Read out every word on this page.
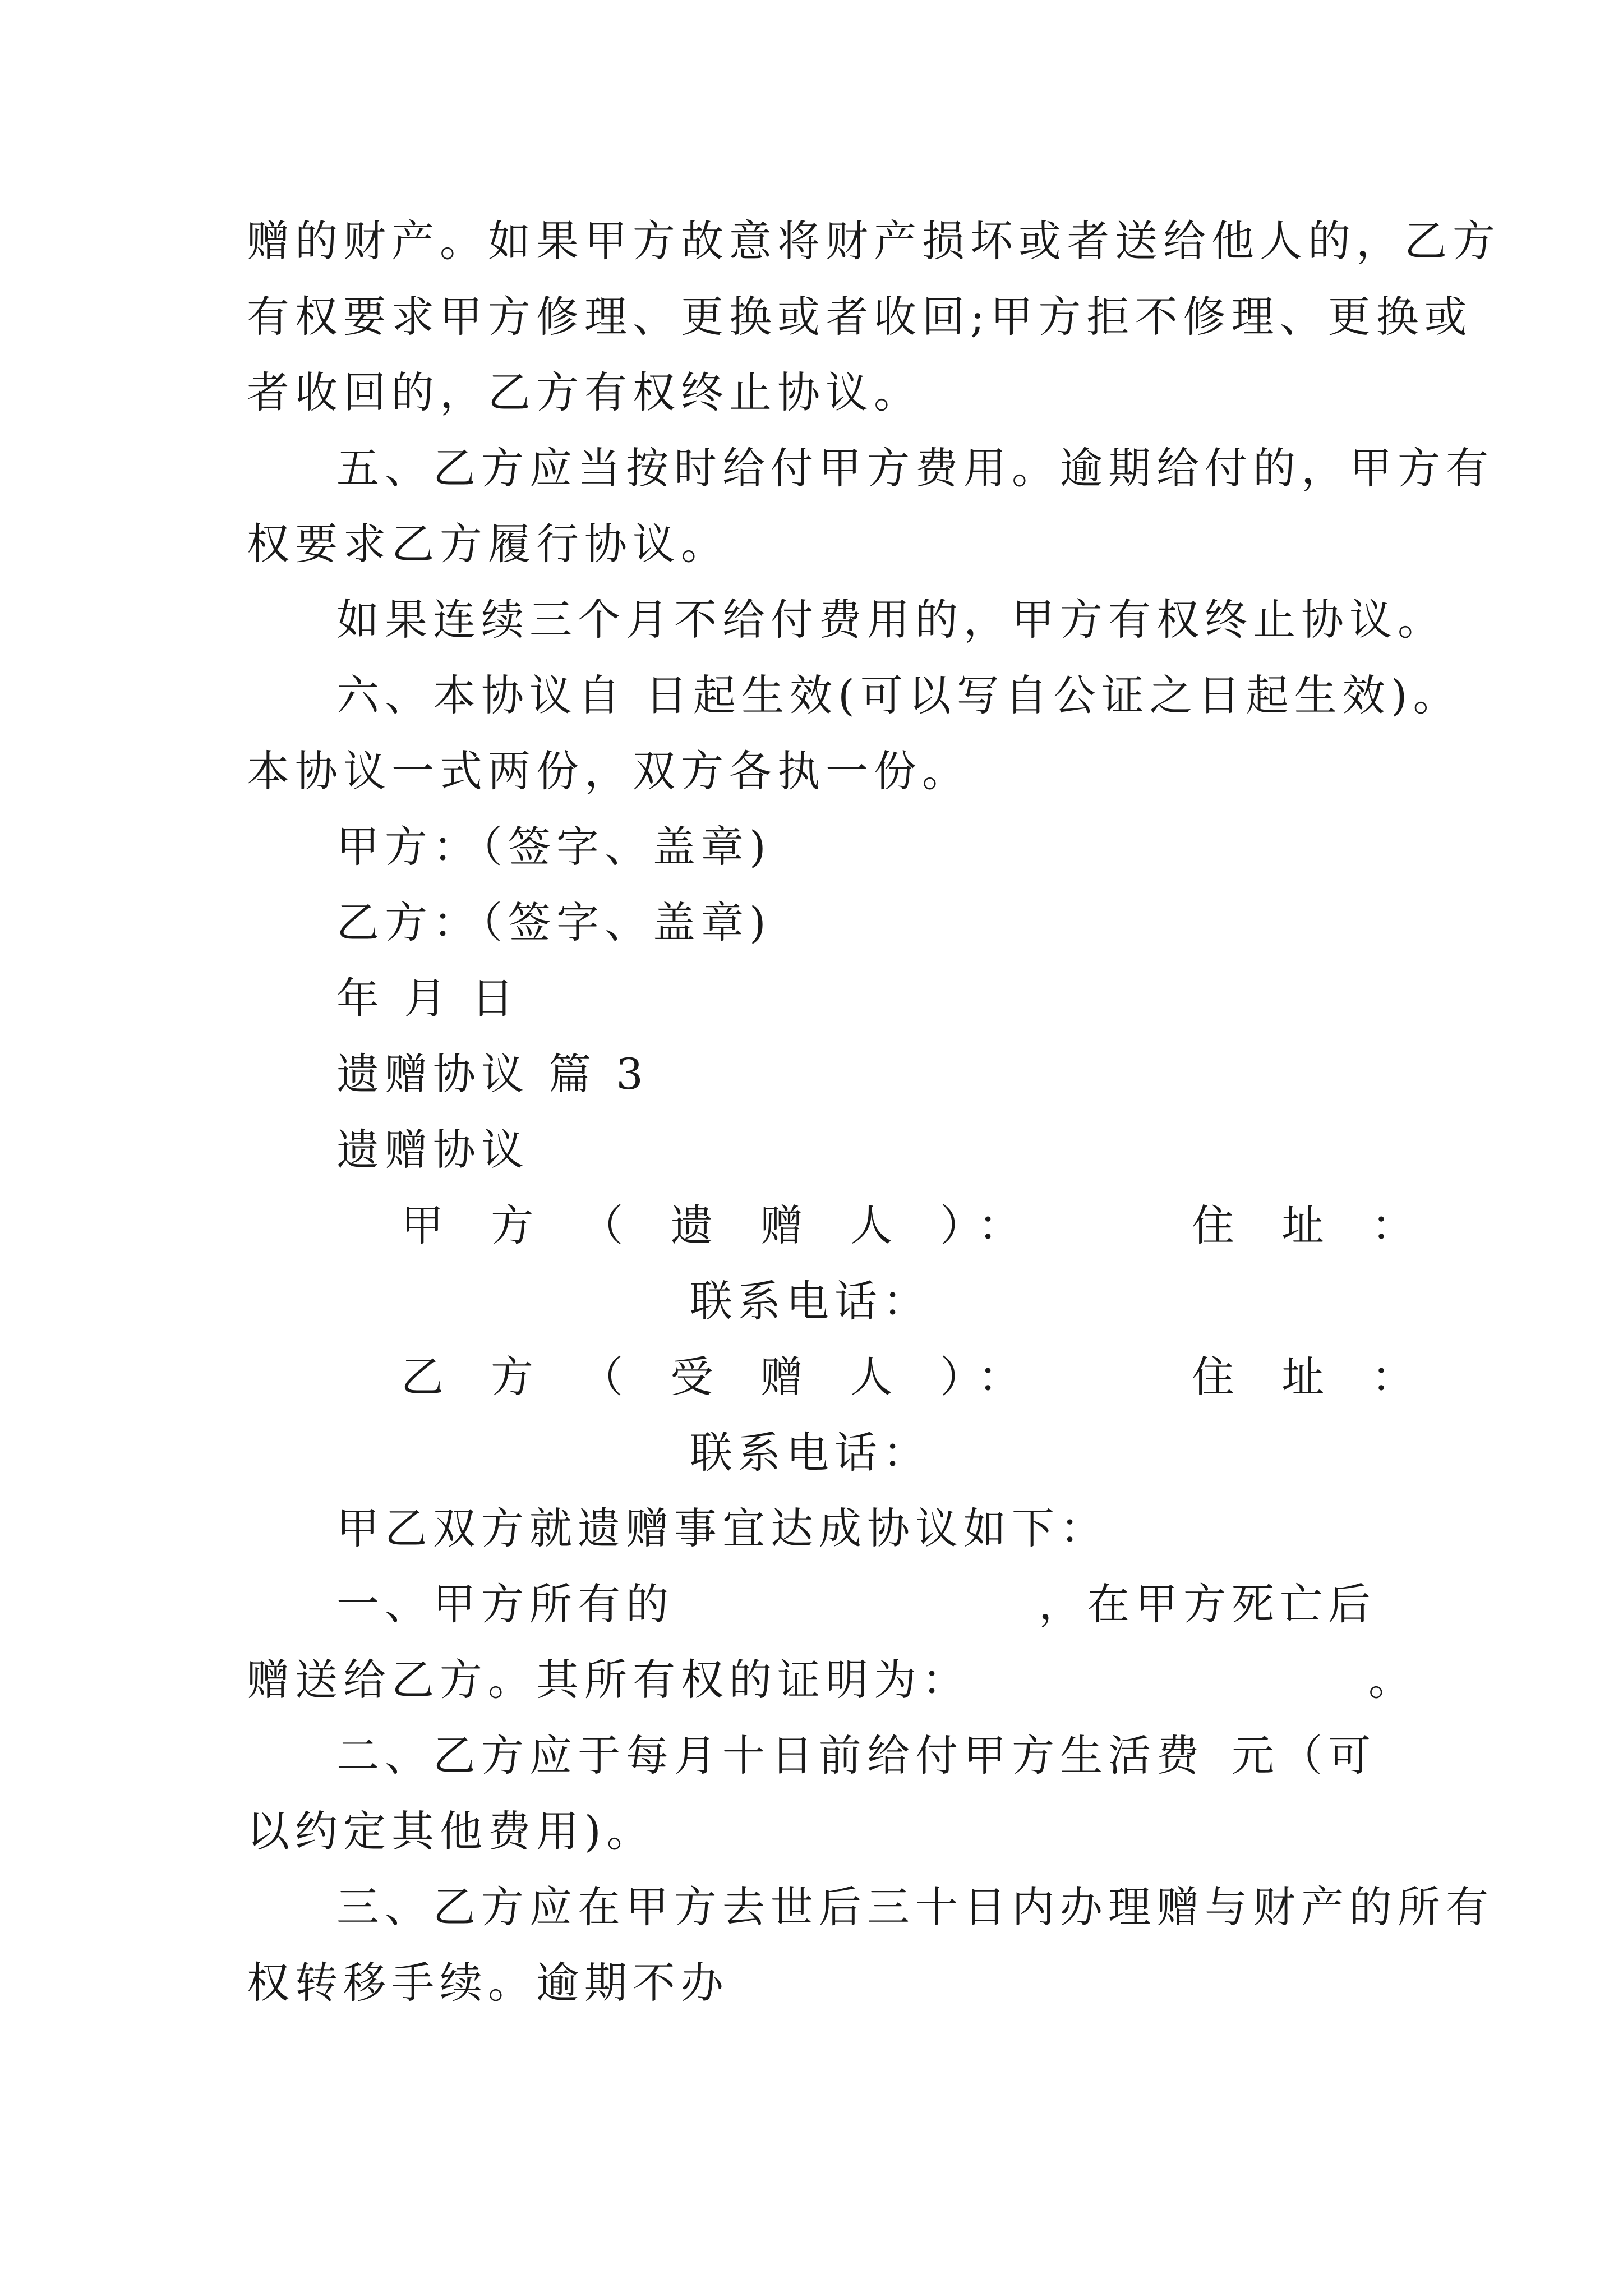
赠的财产。如果甲方故意将财产损坏或者送给他人的，乙方
有权要求甲方修理、更换或者收回;甲方拒不修理、更换或
者收回的，乙方有权终止协议。
五、乙方应当按时给付甲方费用。逾期给付的，甲方有
权要求乙方履行协议。
如果连续三个月不给付费用的，甲方有权终止协议。
六、本协议自 日起生效(可以写自公证之日起生效)。
本协议一式两份，双方各执一份。
甲方：（签字、盖章)
乙方：（签字、盖章)
年 月 日
遗赠协议 篇 3
遗赠协议
甲 方 （ 遗 赠 人 ）：	住 址 ：
联系电话：
乙 方 （ 受 赠 人 ）：	住 址 ：
联系电话：
甲乙双方就遗赠事宜达成协议如下：
一、甲方所有的	，在甲方死亡后
赠送给乙方。其所有权的证明为：	。
二、乙方应于每月十日前给付甲方生活费 元（可
以约定其他费用)。
三、乙方应在甲方去世后三十日内办理赠与财产的所有
权转移手续。逾期不办
